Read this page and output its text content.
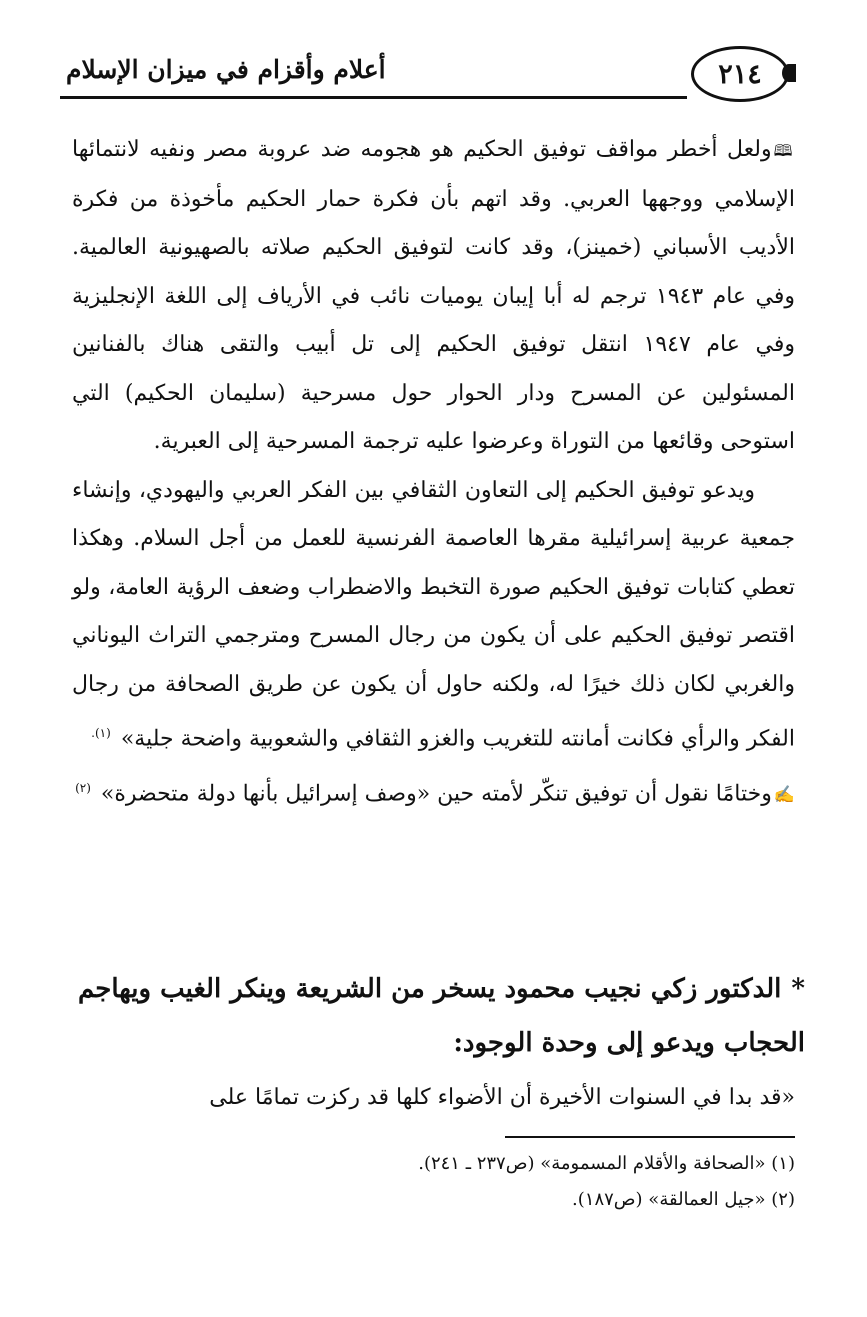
٢١٤
أعلام وأقزام في ميزان الإسلام

🕮ولعل أخطر مواقف توفيق الحكيم هو هجومه ضد عروبة مصر ونفيه لانتمائها الإسلامي ووجهها العربي. وقد اتهم بأن فكرة حمار الحكيم مأخوذة من فكرة الأديب الأسباني (خمينز)، وقد كانت لتوفيق الحكيم صلاته بالصهيونية العالمية. وفي عام ١٩٤٣ ترجم له أبا إيبان يوميات نائب في الأرياف إلى اللغة الإنجليزية وفي عام ١٩٤٧ انتقل توفيق الحكيم إلى تل أبيب والتقى هناك بالفنانين المسئولين عن المسرح ودار الحوار حول مسرحية (سليمان الحكيم) التي استوحى وقائعها من التوراة وعرضوا عليه ترجمة المسرحية إلى العبرية.

ويدعو توفيق الحكيم إلى التعاون الثقافي بين الفكر العربي واليهودي، وإنشاء جمعية عربية إسرائيلية مقرها العاصمة الفرنسية للعمل من أجل السلام. وهكذا تعطي كتابات توفيق الحكيم صورة التخبط والاضطراب وضعف الرؤية العامة، ولو اقتصر توفيق الحكيم على أن يكون من رجال المسرح ومترجمي التراث اليوناني والغربي لكان ذلك خيرًا له، ولكنه حاول أن يكون عن طريق الصحافة من رجال الفكر والرأي فكانت أمانته للتغريب والغزو الثقافي والشعوبية واضحة جلية» $^{(١).}$

✍وختامًا نقول أن توفيق تنكّر لأمته حين «وصف إسرائيل بأنها دولة متحضرة» $^{(٢)}$

*الدكتور زكي نجيب محمود يسخر من الشريعة وينكر الغيب ويهاجم الحجاب ويدعو إلى وحدة الوجود:

«قد بدا في السنوات الأخيرة أن الأضواء كلها قد ركزت تمامًا على

(١) «الصحافة والأقلام المسمومة» (ص٢٣٧ ـ ٢٤١).

(٢) «جيل العمالقة» (ص١٨٧).
